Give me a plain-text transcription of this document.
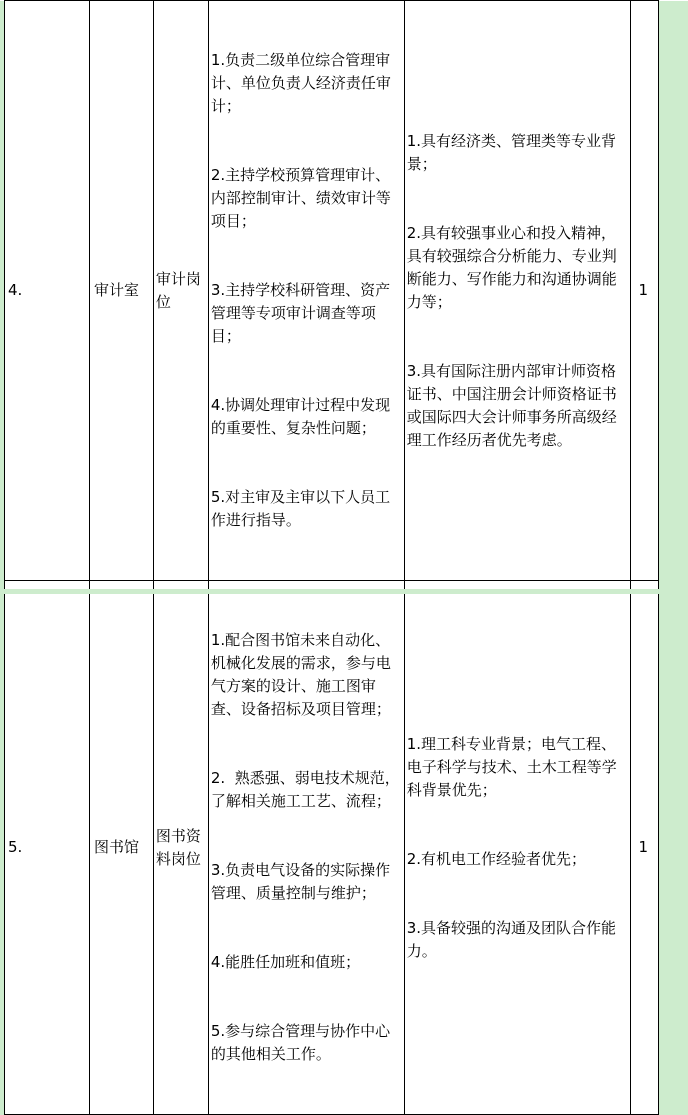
	4.	审计室	审计岗位	1.负责二级单位综合管理审计、单位负责人经济责任审计；

2.主持学校预算管理审计、内部控制审计、绩效审计等项目；

3.主持学校科研管理、资产管理等专项审计调查等项目；

4.协调处理审计过程中发现的重要性、复杂性问题；

5.对主审及主审以下人员工作进行指导。	1.具有经济类、管理类等专业背景；

2.具有较强事业心和投入精神，具有较强综合分析能力、专业判断能力、写作能力和沟通协调能力等；

3.具有国际注册内部审计师资格证书、中国注册会计师资格证书或国际四大会计师事务所高级经理工作经历者优先考虑。	1	
	5.	图书馆	图书资料岗位	1.配合图书馆未来自动化、机械化发展的需求，参与电气方案的设计、施工图审查、设备招标及项目管理；

2.  熟悉强、弱电技术规范，了解相关施工工艺、流程；

3.负责电气设备的实际操作管理、质量控制与维护；

4.能胜任加班和值班；

5.参与综合管理与协作中心的其他相关工作。	1.理工科专业背景；电气工程、电子科学与技术、土木工程等学科背景优先；

2.有机电工作经验者优先；

3.具备较强的沟通及团队合作能力。	1	
